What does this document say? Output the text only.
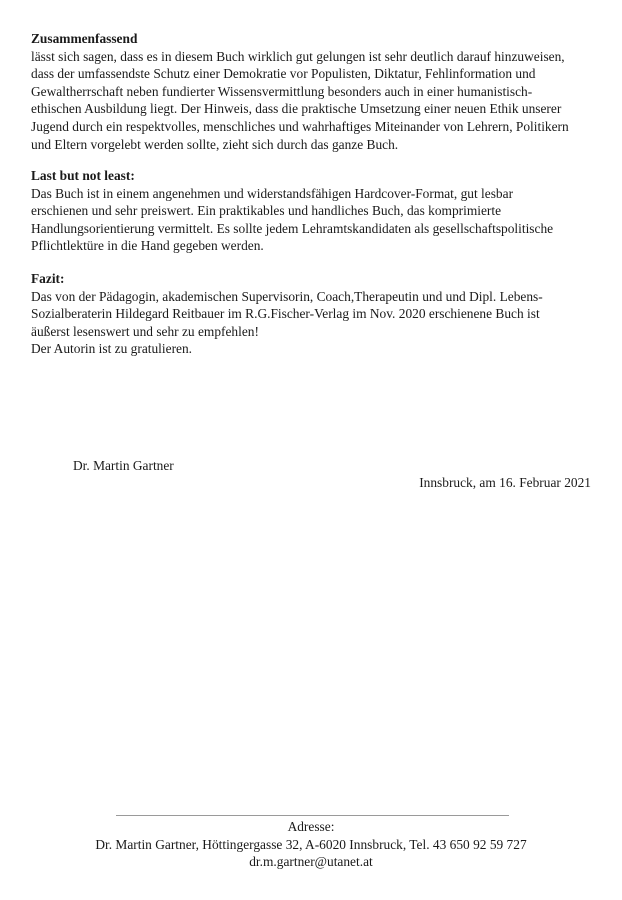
Zusammenfassend
lässt sich sagen, dass es in diesem Buch wirklich gut gelungen ist sehr deutlich darauf hinzuweisen,
dass der umfassendste Schutz einer Demokratie vor Populisten, Diktatur, Fehlinformation und
Gewaltherrschaft neben fundierter Wissensvermittlung besonders auch in einer humanistisch-
ethischen Ausbildung liegt. Der Hinweis, dass die praktische Umsetzung einer neuen Ethik unserer
Jugend durch ein respektvolles, menschliches und wahrhaftiges Miteinander von Lehrern, Politikern
und Eltern vorgelebt werden sollte, zieht sich durch das ganze Buch.
Last but not least:
Das Buch ist in einem angenehmen und widerstandsfähigen Hardcover-Format, gut lesbar
erschienen und sehr preiswert. Ein praktikables und handliches Buch, das komprimierte
Handlungsorientierung vermittelt. Es sollte jedem Lehramtskandidaten als gesellschaftspolitische
Pflichtlektüre in die Hand gegeben werden.
Fazit:
Das von der Pädagogin, akademischen Supervisorin, Coach,Therapeutin und und Dipl. Lebens-
Sozialberaterin Hildegard Reitbauer im R.G.Fischer-Verlag im Nov. 2020 erschienene Buch ist
äußerst lesenswert und sehr zu empfehlen!
Der Autorin ist zu gratulieren.
Dr. Martin Gartner
Innsbruck, am 16. Februar 2021
Adresse:
Dr. Martin Gartner, Höttingergasse 32, A-6020 Innsbruck, Tel. 43 650 92 59 727
dr.m.gartner@utanet.at
